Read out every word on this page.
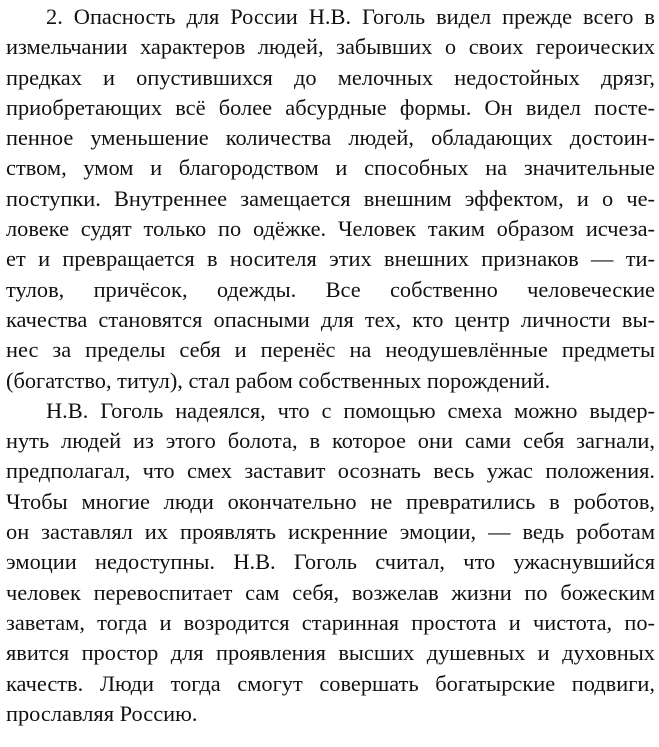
2. Опасность для России Н.В. Гоголь видел прежде всего в
измельчании характеров людей, забывших о своих героических
предках и опустившихся до мелочных недостойных дрязг,
приобретающих всё более абсурдные формы. Он видел посте-
пенное уменьшение количества людей, обладающих достоин-
ством, умом и благородством и способных на значительные
поступки. Внутреннее замещается внешним эффектом, и о че-
ловеке судят только по одёжке. Человек таким образом исчеза-
ет и превращается в носителя этих внешних признаков — ти-
тулов, причёсок, одежды. Все собственно человеческие
качества становятся опасными для тех, кто центр личности вы-
нес за пределы себя и перенёс на неодушевлённые предметы
(богатство, титул), стал рабом собственных порождений.
Н.В. Гоголь надеялся, что с помощью смеха можно выдер-
нуть людей из этого болота, в которое они сами себя загнали,
предполагал, что смех заставит осознать весь ужас положения.
Чтобы многие люди окончательно не превратились в роботов,
он заставлял их проявлять искренние эмоции, — ведь роботам
эмоции недоступны. Н.В. Гоголь считал, что ужаснувшийся
человек перевоспитает сам себя, возжелав жизни по божеским
заветам, тогда и возродится старинная простота и чистота, по-
явится простор для проявления высших душевных и духовных
качеств. Люди тогда смогут совершать богатырские подвиги,
прославляя Россию.
